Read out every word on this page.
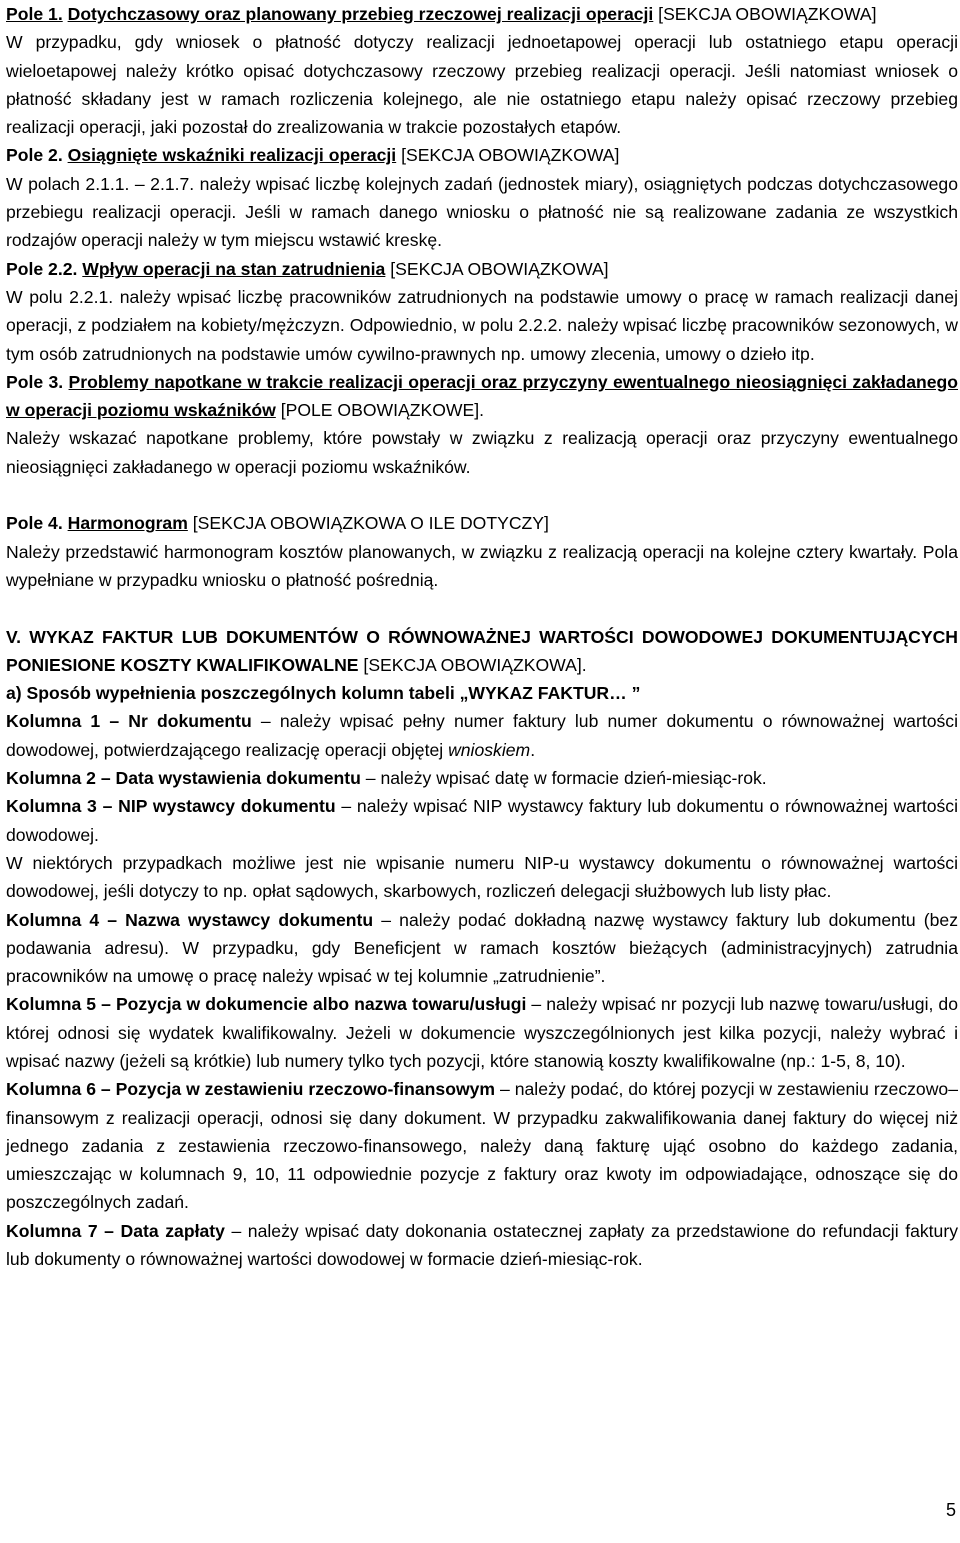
Pole 1. Dotychczasowy oraz planowany przebieg rzeczowej realizacji operacji [SEKCJA OBOWIĄZKOWA]

W przypadku, gdy wniosek o płatność dotyczy realizacji jednoetapowej operacji lub ostatniego etapu operacji wieloetapowej należy krótko opisać dotychczasowy rzeczowy przebieg realizacji operacji. Jeśli natomiast wniosek o płatność składany jest w ramach rozliczenia kolejnego, ale nie ostatniego etapu należy opisać rzeczowy przebieg realizacji operacji, jaki pozostał do zrealizowania w trakcie pozostałych etapów.

Pole 2. Osiągnięte wskaźniki realizacji operacji [SEKCJA OBOWIĄZKOWA]

W polach 2.1.1. – 2.1.7. należy wpisać liczbę kolejnych zadań (jednostek miary), osiągniętych podczas dotychczasowego przebiegu realizacji operacji. Jeśli w ramach danego wniosku o płatność nie są realizowane zadania ze wszystkich rodzajów operacji należy w tym miejscu wstawić kreskę.

Pole 2.2. Wpływ operacji na stan zatrudnienia [SEKCJA OBOWIĄZKOWA]

W polu 2.2.1. należy wpisać liczbę pracowników zatrudnionych na podstawie umowy o pracę w ramach realizacji danej operacji, z podziałem na kobiety/mężczyzn. Odpowiednio, w polu 2.2.2. należy wpisać liczbę pracowników sezonowych, w tym osób zatrudnionych na podstawie umów cywilno-prawnych np. umowy zlecenia, umowy o dzieło itp.

Pole 3. Problemy napotkane w trakcie realizacji operacji oraz przyczyny ewentualnego nieosiągnięci zakładanego w operacji poziomu wskaźników [POLE OBOWIĄZKOWE].

Należy wskazać napotkane problemy, które powstały w związku z realizacją operacji oraz przyczyny ewentualnego nieosiągnięci zakładanego w operacji poziomu wskaźników.

Pole 4. Harmonogram [SEKCJA OBOWIĄZKOWA O ILE DOTYCZY]

Należy przedstawić harmonogram kosztów planowanych, w związku z realizacją operacji na kolejne cztery kwartały. Pola wypełniane w przypadku wniosku o płatność pośrednią.

V. WYKAZ FAKTUR LUB DOKUMENTÓW O RÓWNOWAŻNEJ WARTOŚCI DOWODOWEJ DOKUMENTUJĄCYCH PONIESIONE KOSZTY KWALIFIKOWALNE [SEKCJA OBOWIĄZKOWA].

a) Sposób wypełnienia poszczególnych kolumn tabeli „WYKAZ FAKTUR… ”

Kolumna 1 – Nr dokumentu – należy wpisać pełny numer faktury lub numer dokumentu o równoważnej wartości dowodowej, potwierdzającego realizację operacji objętej wnioskiem.

Kolumna 2 – Data wystawienia dokumentu – należy wpisać datę w formacie dzień-miesiąc-rok.

Kolumna 3 – NIP wystawcy dokumentu – należy wpisać NIP wystawcy faktury lub dokumentu o równoważnej wartości dowodowej.

W niektórych przypadkach możliwe jest nie wpisanie numeru NIP-u wystawcy dokumentu o równoważnej wartości dowodowej, jeśli dotyczy to np. opłat sądowych, skarbowych, rozliczeń delegacji służbowych lub listy płac.

Kolumna 4 – Nazwa wystawcy dokumentu – należy podać dokładną nazwę wystawcy faktury lub dokumentu (bez podawania adresu). W przypadku, gdy Beneficjent w ramach kosztów bieżących (administracyjnych) zatrudnia pracowników na umowę o pracę należy wpisać w tej kolumnie „zatrudnienie”.

Kolumna 5 – Pozycja w dokumencie albo nazwa towaru/usługi – należy wpisać nr pozycji lub nazwę towaru/usługi, do której odnosi się wydatek kwalifikowalny. Jeżeli w dokumencie wyszczególnionych jest kilka pozycji, należy wybrać i wpisać nazwy (jeżeli są krótkie) lub numery tylko tych pozycji, które stanowią koszty kwalifikowalne (np.: 1-5, 8, 10).

Kolumna 6 – Pozycja w zestawieniu rzeczowo-finansowym – należy podać, do której pozycji w zestawieniu rzeczowo–finansowym z realizacji operacji, odnosi się dany dokument. W przypadku zakwalifikowania danej faktury do więcej niż jednego zadania z zestawienia rzeczowo-finansowego, należy daną fakturę ująć osobno do każdego zadania, umieszczając w kolumnach 9, 10, 11 odpowiednie pozycje z faktury oraz kwoty im odpowiadające, odnoszące się do poszczególnych zadań.

Kolumna 7 – Data zapłaty – należy wpisać daty dokonania ostatecznej zapłaty za przedstawione do refundacji faktury lub dokumenty o równoważnej wartości dowodowej w formacie dzień-miesiąc-rok.

5
